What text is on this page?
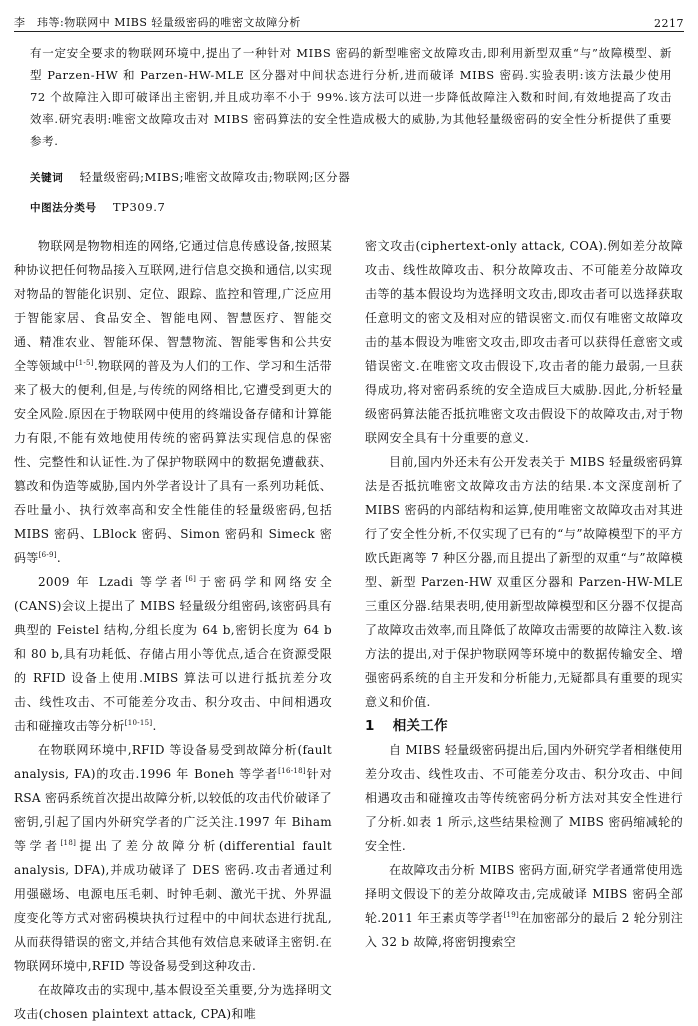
李　玮等:物联网中 MIBS 轻量级密码的唯密文故障分析	2217
有一定安全要求的物联网环境中,提出了一种针对 MIBS 密码的新型唯密文故障攻击,即利用新型双重“与”故障模型、新型 Parzen-HW 和 Parzen-HW-MLE 区分器对中间状态进行分析,进而破译 MIBS 密码.实验表明:该方法最少使用 72 个故障注入即可破译出主密钥,并且成功率不小于 99%.该方法可以进一步降低故障注入数和时间,有效地提高了攻击效率.研究表明:唯密文故障攻击对 MIBS 密码算法的安全性造成极大的威胁,为其他轻量级密码的安全性分析提供了重要参考.
关键词 轻量级密码;MIBS;唯密文故障攻击;物联网;区分器
中图法分类号 TP309.7

物联网是物物相连的网络,它通过信息传感设备,按照某种协议把任何物品接入互联网,进行信息交换和通信,以实现对物品的智能化识别、定位、跟踪、监控和管理,广泛应用于智能家居、食品安全、智能电网、智慧医疗、智能交通、精准农业、智能环保、智慧物流、智能零售和公共安全等领域中[1-5].物联网的普及为人们的工作、学习和生活带来了极大的便利,但是,与传统的网络相比,它遭受到更大的安全风险.原因在于物联网中使用的终端设备存储和计算能力有限,不能有效地使用传统的密码算法实现信息的保密性、完整性和认证性.为了保护物联网中的数据免遭截获、篡改和伪造等威胁,国内外学者设计了具有一系列功耗低、吞吐量小、执行效率高和安全性能佳的轻量级密码,包括 MIBS 密码、LBlock 密码、Simon 密码和 Simeck 密码等[6-9].

2009 年 Lzadi 等学者[6]于密码学和网络安全(CANS)会议上提出了 MIBS 轻量级分组密码,该密码具有典型的 Feistel 结构,分组长度为 64 b,密钥长度为 64 b 和 80 b,具有功耗低、存储占用小等优点,适合在资源受限的 RFID 设备上使用.MIBS 算法可以进行抵抗差分攻击、线性攻击、不可能差分攻击、积分攻击、中间相遇攻击和碰撞攻击等分析[10-15].

在物联网环境中,RFID 等设备易受到故障分析(fault analysis, FA)的攻击.1996 年 Boneh 等学者[16-18]针对 RSA 密码系统首次提出故障分析,以较低的攻击代价破译了密钥,引起了国内外研究学者的广泛关注.1997 年 Biham 等学者[18]提出了差分故障分析(differential fault analysis, DFA),并成功破译了 DES 密码.攻击者通过利用强磁场、电源电压毛刺、时钟毛刺、激光干扰、外界温度变化等方式对密码模块执行过程中的中间状态进行扰乱,从而获得错误的密文,并结合其他有效信息来破译主密钥.在物联网环境中,RFID 等设备易受到这种攻击.

在故障攻击的实现中,基本假设至关重要,分为选择明文攻击(chosen plaintext attack, CPA)和唯

密文攻击(ciphertext-only attack, COA).例如差分故障攻击、线性故障攻击、积分故障攻击、不可能差分故障攻击等的基本假设均为选择明文攻击,即攻击者可以选择获取任意明文的密文及相对应的错误密文.而仅有唯密文故障攻击的基本假设为唯密文攻击,即攻击者可以获得任意密文或错误密文.在唯密文攻击假设下,攻击者的能力最弱,一旦获得成功,将对密码系统的安全造成巨大威胁.因此,分析轻量级密码算法能否抵抗唯密文攻击假设下的故障攻击,对于物联网安全具有十分重要的意义.

目前,国内外还未有公开发表关于 MIBS 轻量级密码算法是否抵抗唯密文故障攻击方法的结果.本文深度剖析了 MIBS 密码的内部结构和运算,使用唯密文故障攻击对其进行了安全性分析,不仅实现了已有的“与”故障模型下的平方欧氏距离等 7 种区分器,而且提出了新型的双重“与”故障模型、新型 Parzen-HW 双重区分器和 Parzen-HW-MLE 三重区分器.结果表明,使用新型故障模型和区分器不仅提高了故障攻击效率,而且降低了故障攻击需要的故障注入数.该方法的提出,对于保护物联网等环境中的数据传输安全、增强密码系统的自主开发和分析能力,无疑都具有重要的现实意义和价值.

1 相关工作

自 MIBS 轻量级密码提出后,国内外研究学者相继使用差分攻击、线性攻击、不可能差分攻击、积分攻击、中间相遇攻击和碰撞攻击等传统密码分析方法对其安全性进行了分析.如表 1 所示,这些结果检测了 MIBS 密码缩减轮的安全性.

在故障攻击分析 MIBS 密码方面,研究学者通常使用选择明文假设下的差分故障攻击,完成破译 MIBS 密码全部轮.2011 年王素贞等学者[19]在加密部分的最后 2 轮分别注入 32 b 故障,将密钥搜索空
